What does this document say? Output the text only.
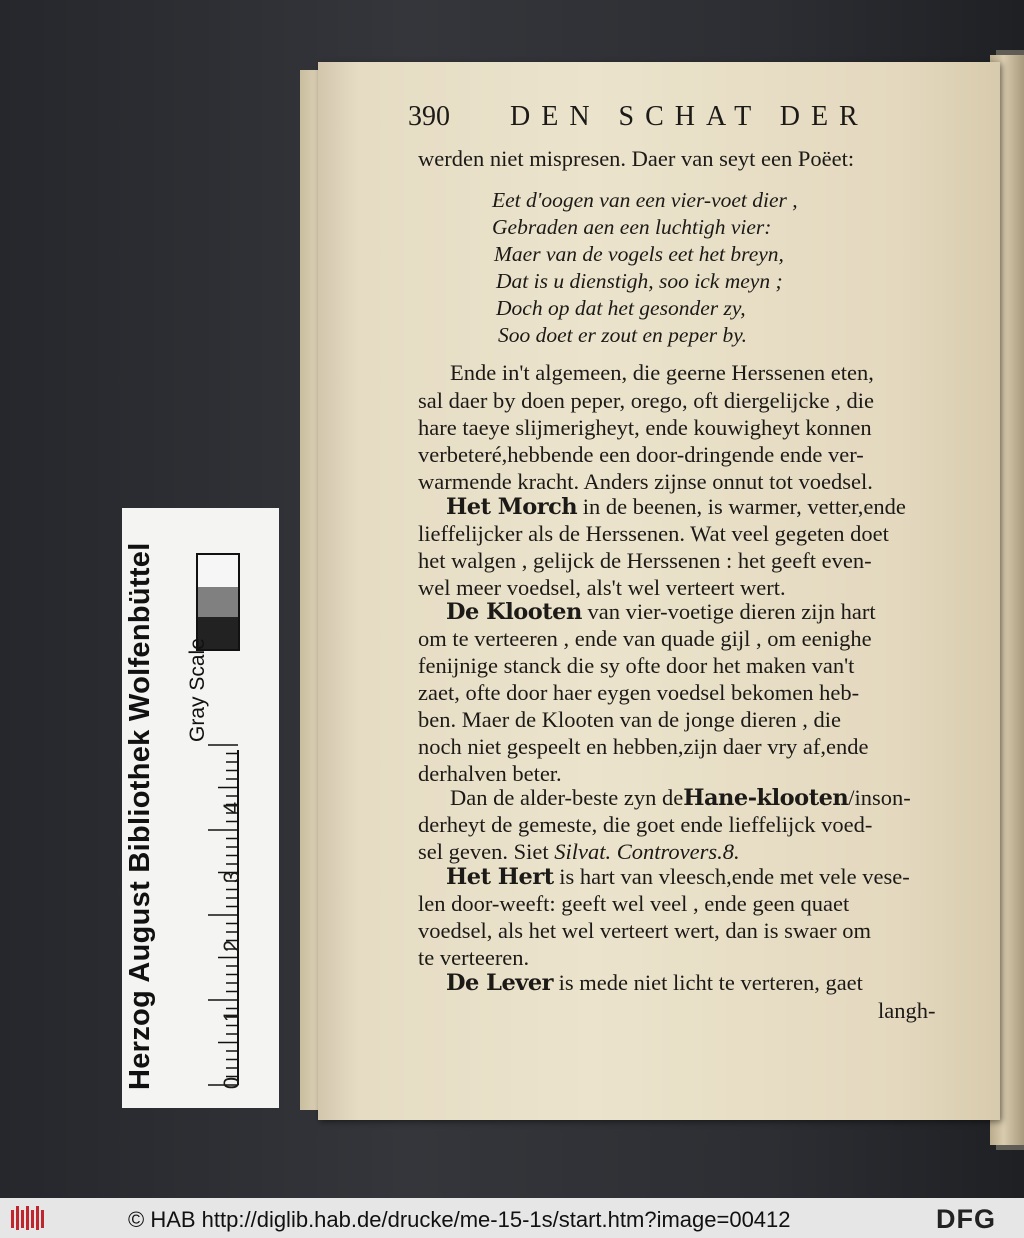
390 DEN SCHAT DER
werden niet mispresen. Daer van seyt een Poëet:
Eet d'oogen van een vier-voet dier ,
Gebraden aen een luchtigh vier:
Maer van de vogels eet het breyn,
Dat is u dienstigh, soo ick meyn ;
Doch op dat het gesonder zy,
Soo doet er zout en peper by.
Ende in't algemeen, die geerne Herssenen eten,
sal daer by doen peper, orego, oft diergelijcke , die
hare taeye slijmerigheyt, ende kouwigheyt konnen
verbeteré,hebbende een door-dringende ende ver-
warmende kracht. Anders zijnse onnut tot voedsel.
Het Morch in de beenen, is warmer, vetter,ende
lieffelijcker als de Herssenen. Wat veel gegeten doet
het walgen , gelijck de Herssenen : het geeft even-
wel meer voedsel, als't wel verteert wert.
De Klooten van vier-voetige dieren zijn hart
om te verteeren , ende van quade gijl , om eenighe
fenijnige stanck die sy ofte door het maken van't
zaet, ofte door haer eygen voedsel bekomen heb-
ben. Maer de Klooten van de jonge dieren , die
noch niet gespeelt en hebben,zijn daer vry af,ende
derhalven beter.
Dan de alder-beste zyn deHane-klooten/inson-
derheyt de gemeste, die goet ende lieffelijck voed-
sel geven. Siet Silvat. Controvers.8.
Het Hert is hart van vleesch,ende met vele vese-
len door-weeft: geeft wel veel , ende geen quaet
voedsel, als het wel verteert wert, dan is swaer om
te verteeren.
De Lever is mede niet licht te verteren, gaet
langh-
Herzog August Bibliothek Wolfenbüttel Gray Scale
0
1
2
3
4
© HAB http://diglib.hab.de/drucke/me-15-1s/start.htm?image=00412	DFG
